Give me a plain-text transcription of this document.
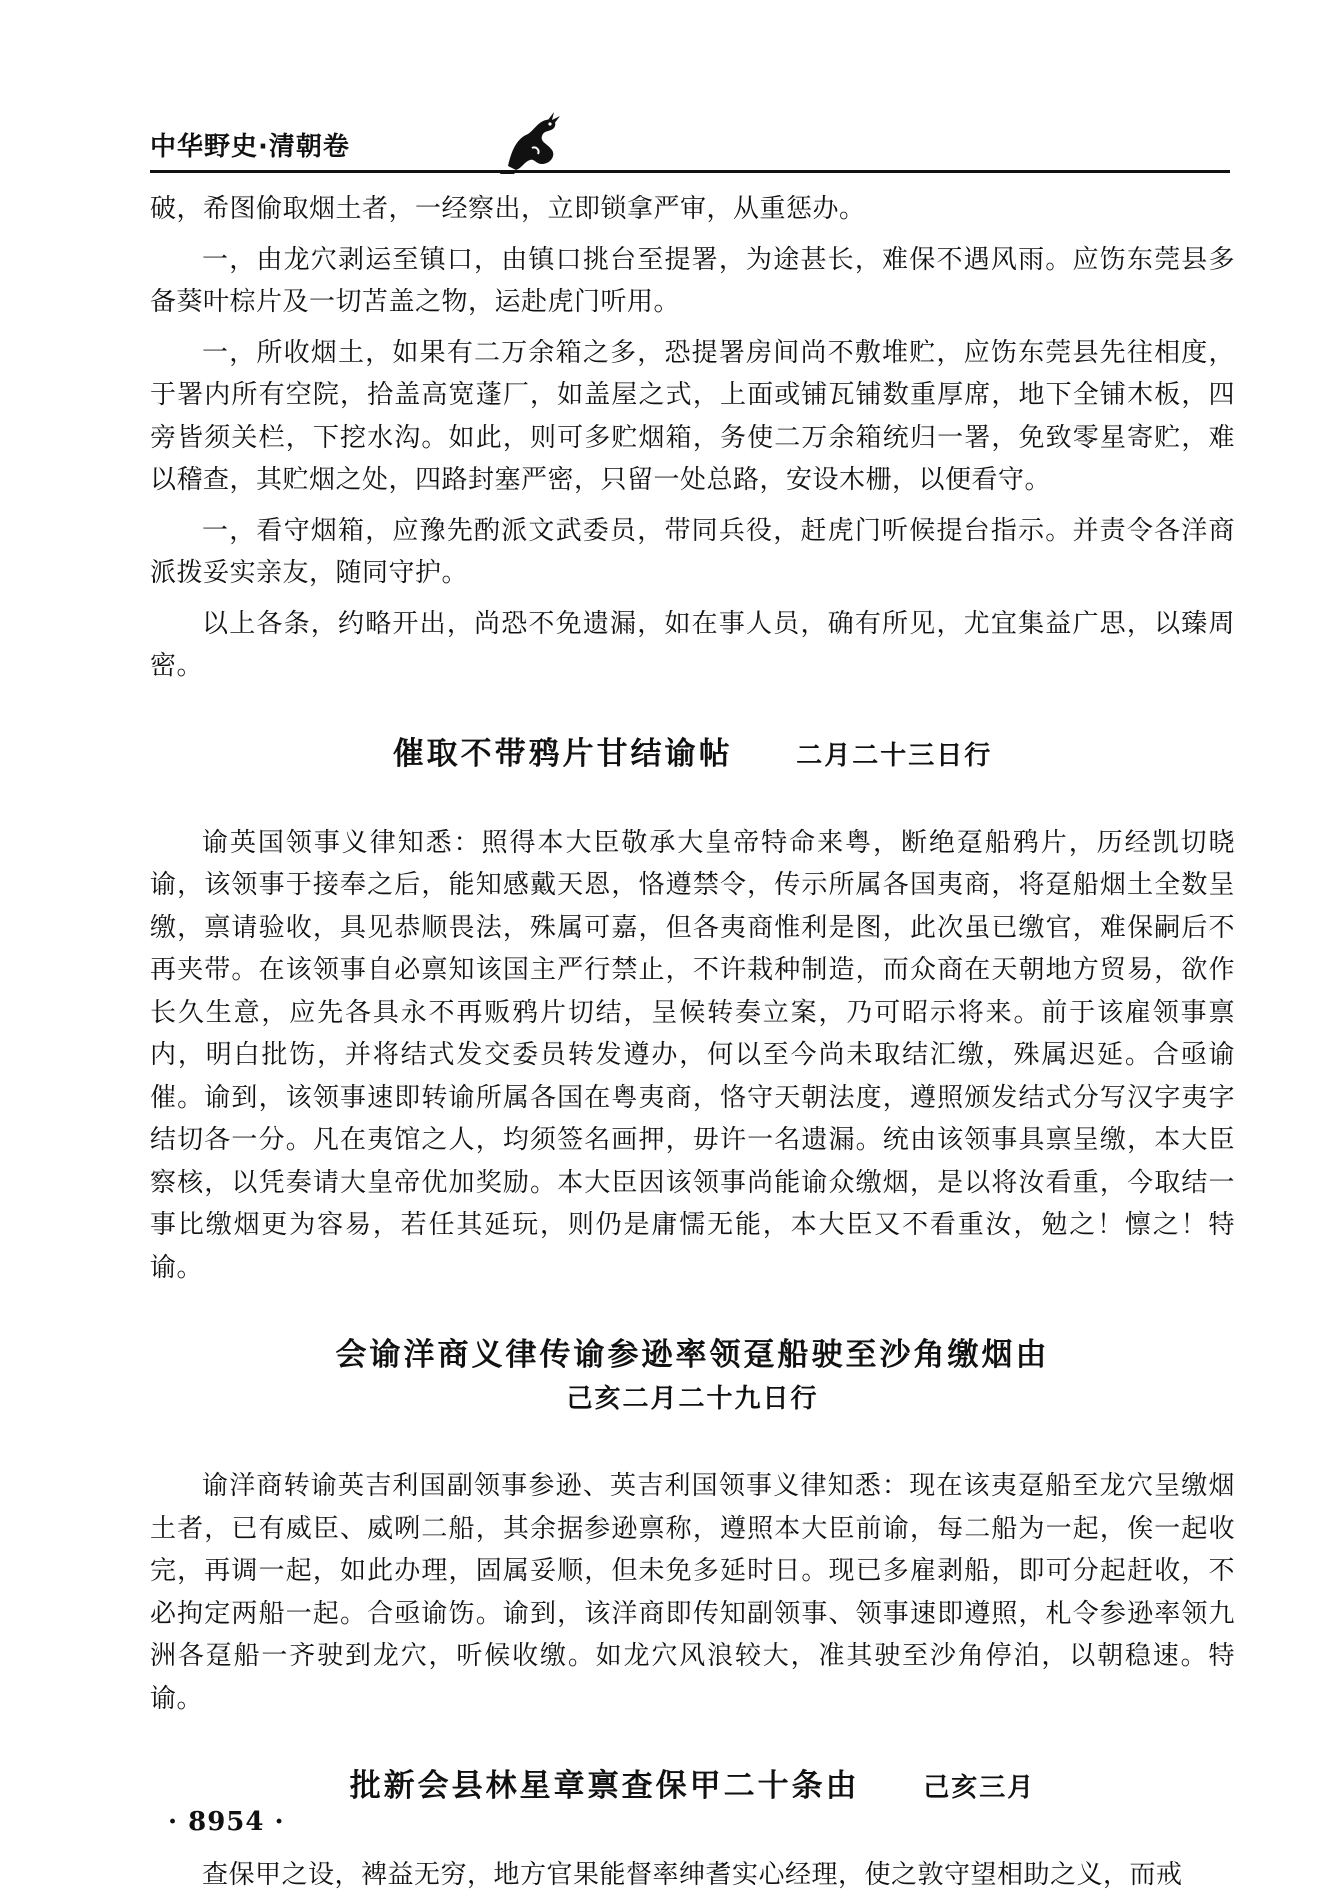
中华野史·清朝卷

破，希图偷取烟土者，一经察出，立即锁拿严审，从重惩办。

一，由龙穴剥运至镇口，由镇口挑台至提署，为途甚长，难保不遇风雨。应饬东莞县多备葵叶棕片及一切苫盖之物，运赴虎门听用。

一，所收烟土，如果有二万余箱之多，恐提署房间尚不敷堆贮，应饬东莞县先往相度，于署内所有空院，拾盖高宽蓬厂，如盖屋之式，上面或铺瓦铺数重厚席，地下全铺木板，四旁皆须关栏，下挖水沟。如此，则可多贮烟箱，务使二万余箱统归一署，免致零星寄贮，难以稽查，其贮烟之处，四路封塞严密，只留一处总路，安设木栅，以便看守。

一，看守烟箱，应豫先酌派文武委员，带同兵役，赶虎门听候提台指示。并责令各洋商派拨妥实亲友，随同守护。

以上各条，约略开出，尚恐不免遗漏，如在事人员，确有所见，尤宜集益广思，以臻周密。

催取不带鸦片甘结谕帖 二月二十三日行

谕英国领事义律知悉：照得本大臣敬承大皇帝特命来粤，断绝趸船鸦片，历经凯切晓谕，该领事于接奉之后，能知感戴天恩，恪遵禁令，传示所属各国夷商，将趸船烟土全数呈缴，禀请验收，具见恭顺畏法，殊属可嘉，但各夷商惟利是图，此次虽已缴官，难保嗣后不再夹带。在该领事自必禀知该国主严行禁止，不许栽种制造，而众商在天朝地方贸易，欲作长久生意，应先各具永不再贩鸦片切结，呈候转奏立案，乃可昭示将来。前于该雇领事禀内，明白批饬，并将结式发交委员转发遵办，何以至今尚未取结汇缴，殊属迟延。合亟谕催。谕到，该领事速即转谕所属各国在粤夷商，恪守天朝法度，遵照颁发结式分写汉字夷字结切各一分。凡在夷馆之人，均须签名画押，毋许一名遗漏。统由该领事具禀呈缴，本大臣察核，以凭奏请大皇帝优加奖励。本大臣因该领事尚能谕众缴烟，是以将汝看重，今取结一事比缴烟更为容易，若任其延玩，则仍是庸懦无能，本大臣又不看重汝，勉之！懔之！特谕。

会谕洋商义律传谕参逊率领趸船驶至沙角缴烟由
己亥二月二十九日行

谕洋商转谕英吉利国副领事参逊、英吉利国领事义律知悉：现在该夷趸船至龙穴呈缴烟土者，已有威臣、威咧二船，其余据参逊禀称，遵照本大臣前谕，每二船为一起，俟一起收完，再调一起，如此办理，固属妥顺，但未免多延时日。现已多雇剥船，即可分起赶收，不必拘定两船一起。合亟谕饬。谕到，该洋商即传知副领事、领事速即遵照，札令参逊率领九洲各趸船一齐驶到龙穴，听候收缴。如龙穴风浪较大，准其驶至沙角停泊，以朝稳速。特谕。

批新会县林星章禀查保甲二十条由 己亥三月

查保甲之设，裨益无穷，地方官果能督率绅耆实心经理，使之敦守望相助之义，而戒

· 8954 ·
